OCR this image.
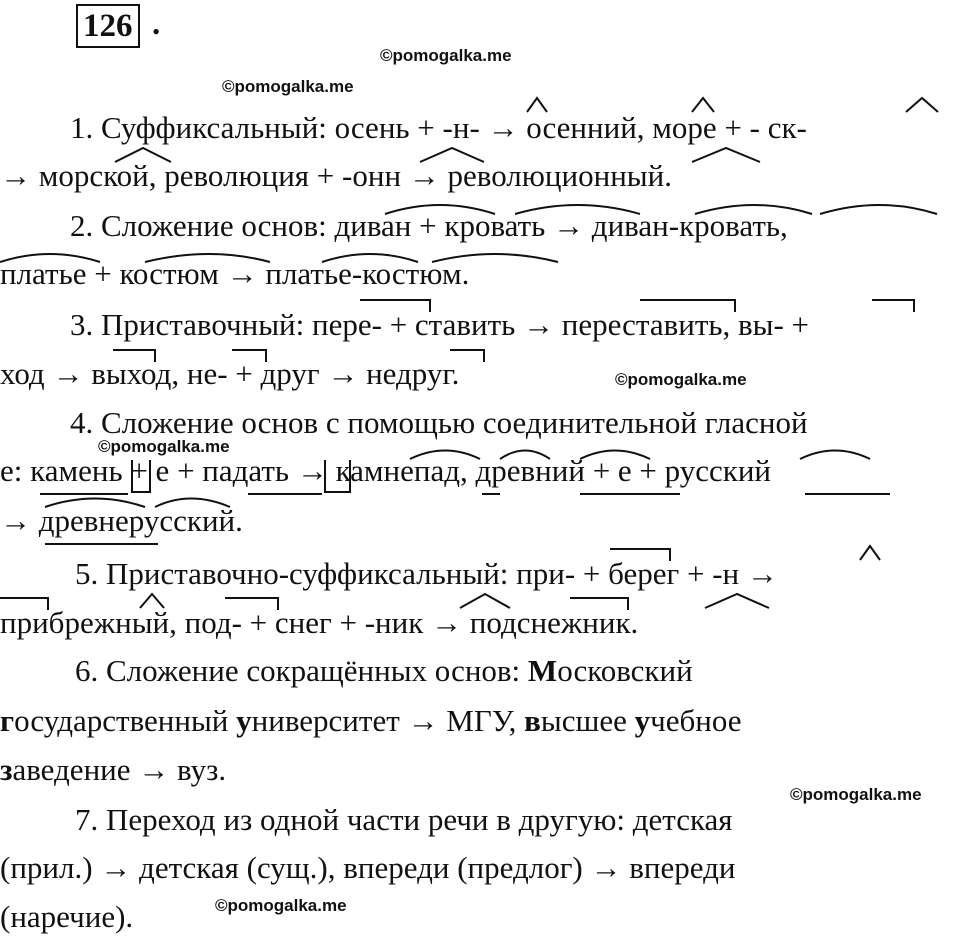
126 .
©pomogalka.me
©pomogalka.me
©pomogalka.me
©pomogalka.me
©pomogalka.me
©pomogalka.me
1. Суффиксальный: осень + -н- → осенний, море + - ск-
→ морской, революция + -онн → революционный.
2. Сложение основ: диван + кровать → диван-кровать,
платье + костюм → платье-костюм.
3. Приставочный: пере- + ставить → переставить, вы- +
ход → выход, не- + друг → недруг.
4. Сложение основ с помощью соединительной гласной
е: камень + е + падать → камнепад, древний + е + русский
→ древнерусский.
5. Приставочно-суффиксальный: при- + берег + -н →
прибрежный, под- + снег + -ник → подснежник.
6. Сложение сокращённых основ: Московский
государственный университет → МГУ, высшее учебное
заведение → вуз.
7. Переход из одной части речи в другую: детская
(прил.) → детская (сущ.), впереди (предлог) → впереди
(наречие).
